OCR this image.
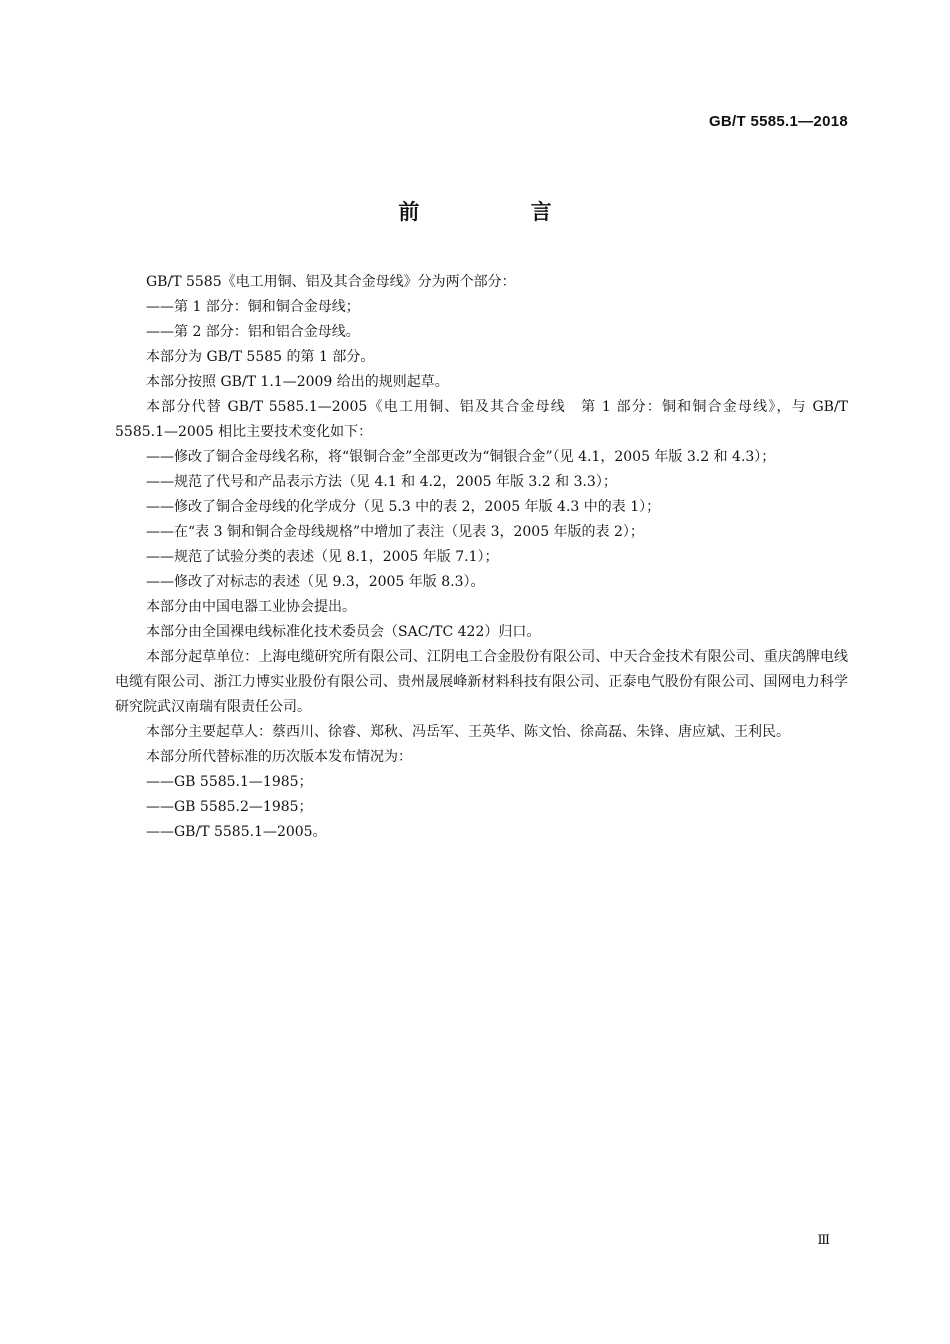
GB/T 5585.1—2018
前 言

GB/T 5585《电工用铜、铝及其合金母线》分为两个部分：

——第 1 部分：铜和铜合金母线；

——第 2 部分：铝和铝合金母线。

本部分为 GB/T 5585 的第 1 部分。

本部分按照 GB/T 1.1—2009 给出的规则起草。

本部分代替 GB/T 5585.1—2005《电工用铜、铝及其合金母线　第 1 部分：铜和铜合金母线》，与 GB/T 5585.1—2005 相比主要技术变化如下：

——修改了铜合金母线名称，将“银铜合金”全部更改为“铜银合金”（见 4.1，2005 年版 3.2 和 4.3）；

——规范了代号和产品表示方法（见 4.1 和 4.2，2005 年版 3.2 和 3.3）；

——修改了铜合金母线的化学成分（见 5.3 中的表 2，2005 年版 4.3 中的表 1）；

——在“表 3 铜和铜合金母线规格”中增加了表注（见表 3，2005 年版的表 2）；

——规范了试验分类的表述（见 8.1，2005 年版 7.1）；

——修改了对标志的表述（见 9.3，2005 年版 8.3）。

本部分由中国电器工业协会提出。

本部分由全国裸电线标准化技术委员会（SAC/TC 422）归口。

本部分起草单位：上海电缆研究所有限公司、江阴电工合金股份有限公司、中天合金技术有限公司、重庆鸽牌电线电缆有限公司、浙江力博实业股份有限公司、贵州晟展峰新材料科技有限公司、正泰电气股份有限公司、国网电力科学研究院武汉南瑞有限责任公司。

本部分主要起草人：蔡西川、徐睿、郑秋、冯岳军、王英华、陈文怡、徐高磊、朱锋、唐应斌、王利民。

本部分所代替标准的历次版本发布情况为：

——GB 5585.1—1985；

——GB 5585.2—1985；

——GB/T 5585.1—2005。

Ⅲ
